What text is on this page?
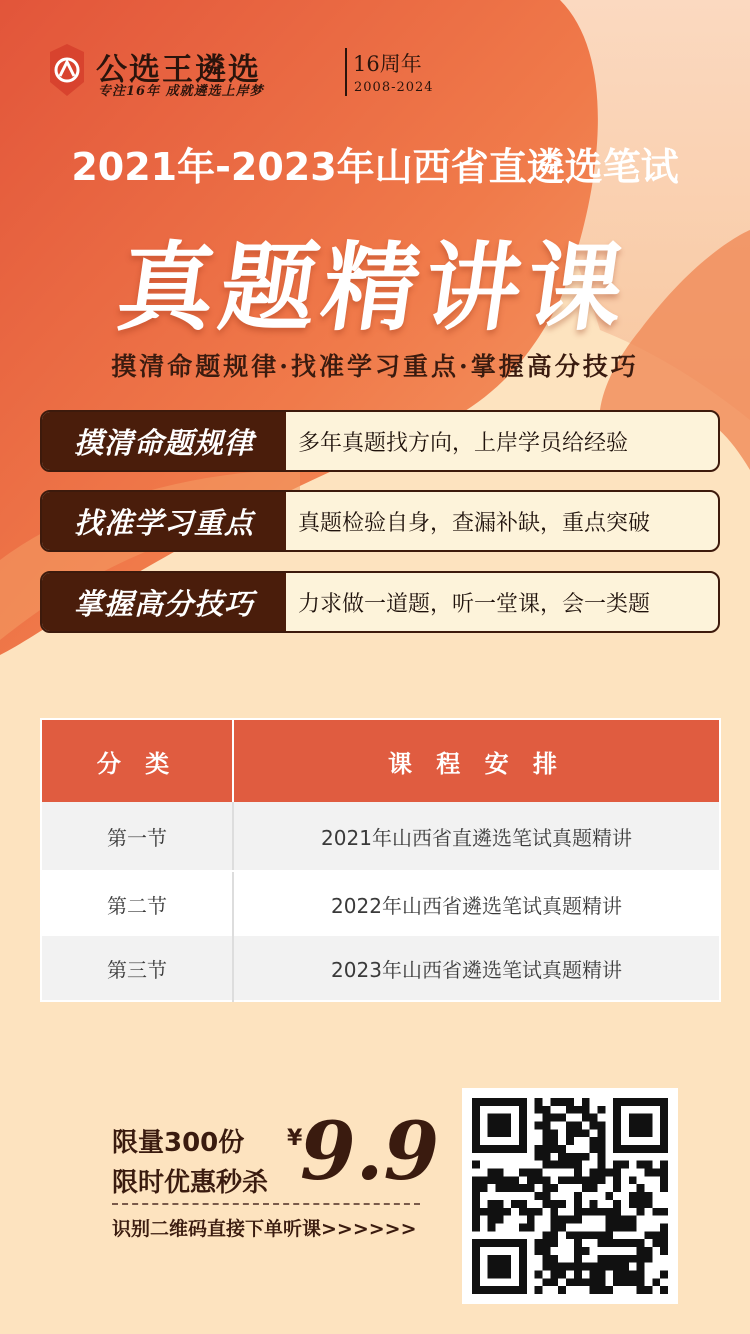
公选王遴选
专注16年 成就遴选上岸梦
16周年
2008-2024
2021年-2023年山西省直遴选笔试
真题精讲课
摸清命题规律·找准学习重点·掌握高分技巧
摸清命题规律	多年真题找方向，上岸学员给经验
找准学习重点	真题检验自身，查漏补缺，重点突破
掌握高分技巧	力求做一道题，听一堂课，会一类题
分 类	课 程 安 排
第一节	2021年山西省直遴选笔试真题精讲
第二节	2022年山西省遴选笔试真题精讲
第三节	2023年山西省遴选笔试真题精讲
限量300份
限时优惠秒杀
¥
9.9
识别二维码直接下单听课>>>>>>
